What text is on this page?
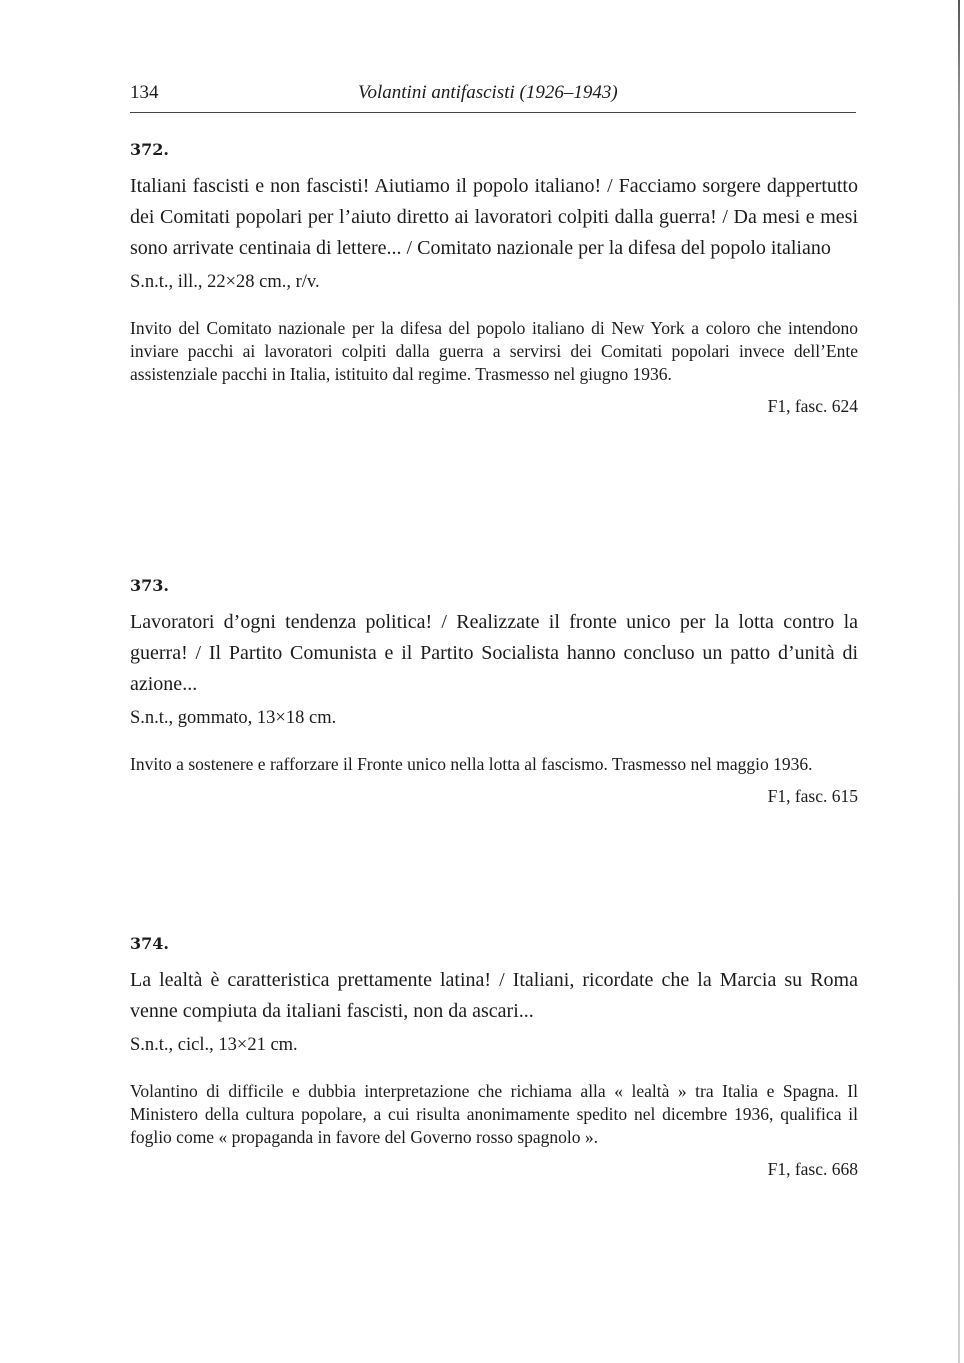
134	Volantini antifascisti (1926–1943)

372.

Italiani fascisti e non fascisti! Aiutiamo il popolo italiano! / Facciamo sorgere dappertutto dei Comitati popolari per l’aiuto diretto ai lavoratori colpiti dalla guerra! / Da mesi e mesi sono arrivate centinaia di lettere... / Comitato nazionale per la difesa del popolo italiano

S.n.t., ill., 22×28 cm., r/v.

Invito del Comitato nazionale per la difesa del popolo italiano di New York a coloro che intendono inviare pacchi ai lavoratori colpiti dalla guerra a servirsi dei Comitati popolari invece dell’Ente assistenziale pacchi in Italia, istituito dal regime. Trasmesso nel giugno 1936.

F1, fasc. 624

373.

Lavoratori d’ogni tendenza politica! / Realizzate il fronte unico per la lotta contro la guerra! / Il Partito Comunista e il Partito Socialista hanno concluso un patto d’unità di azione...

S.n.t., gommato, 13×18 cm.

Invito a sostenere e rafforzare il Fronte unico nella lotta al fascismo. Trasmesso nel maggio 1936.

F1, fasc. 615

374.

La lealtà è caratteristica prettamente latina! / Italiani, ricordate che la Marcia su Roma venne compiuta da italiani fascisti, non da ascari...

S.n.t., cicl., 13×21 cm.

Volantino di difficile e dubbia interpretazione che richiama alla « lealtà » tra Italia e Spagna. Il Ministero della cultura popolare, a cui risulta anonimamente spedito nel dicembre 1936, qualifica il foglio come « propaganda in favore del Governo rosso spagnolo ».

F1, fasc. 668
